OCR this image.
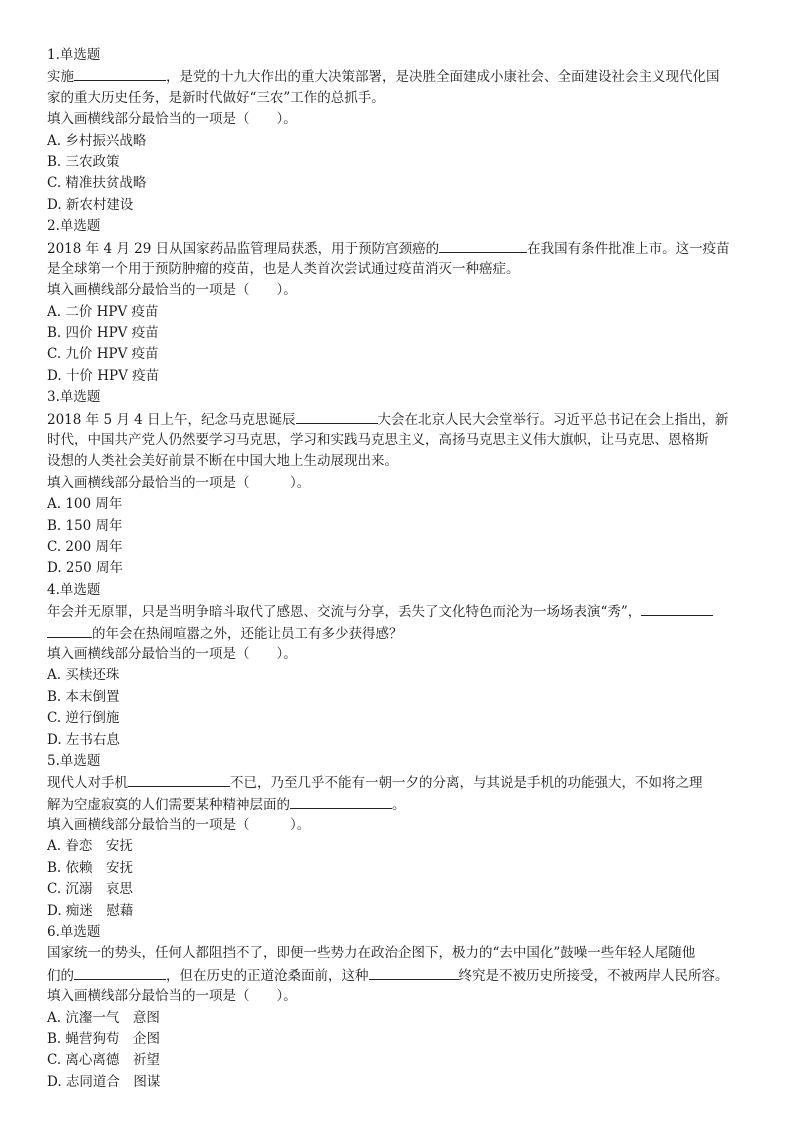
1.单选题
实施	，是党的十九大作出的重大决策部署，是决胜全面建成小康社会、全面建设社会主义现代化国
家的重大历史任务，是新时代做好“三农”工作的总抓手。
填入画横线部分最恰当的一项是（　　）。
A. 乡村振兴战略
B. 三农政策
C. 精准扶贫战略
D. 新农村建设
2.单选题
2018 年 4 月 29 日从国家药品监管理局获悉，用于预防宫颈癌的	在我国有条件批准上市。这一疫苗
是全球第一个用于预防肿瘤的疫苗，也是人类首次尝试通过疫苗消灭一种癌症。
填入画横线部分最恰当的一项是（　　）。
A. 二价 HPV 疫苗
B. 四价 HPV 疫苗
C. 九价 HPV 疫苗
D. 十价 HPV 疫苗
3.单选题
2018 年 5 月 4 日上午，纪念马克思诞辰	大会在北京人民大会堂举行。习近平总书记在会上指出，新
时代，中国共产党人仍然要学习马克思，学习和实践马克思主义，高扬马克思主义伟大旗帜，让马克思、恩格斯
设想的人类社会美好前景不断在中国大地上生动展现出来。
填入画横线部分最恰当的一项是（　　　）。
A. 100 周年
B. 150 周年
C. 200 周年
D. 250 周年
4.单选题
年会并无原罪，只是当明争暗斗取代了感恩、交流与分享，丢失了文化特色而沦为一场场表演“秀”，
的年会在热闹喧嚣之外，还能让员工有多少获得感？
填入画横线部分最恰当的一项是（　　）。
A. 买椟还珠
B. 本末倒置
C. 逆行倒施
D. 左书右息
5.单选题
现代人对手机	不已，乃至几乎不能有一朝一夕的分离，与其说是手机的功能强大，不如将之理
解为空虚寂寞的人们需要某种精神层面的	。
填入画横线部分最恰当的一项是（　　　）。
A. 眷恋　安抚
B. 依赖　安抚
C. 沉溺　哀思
D. 痴迷　慰藉
6.单选题
国家统一的势头，任何人都阻挡不了，即便一些势力在政治企图下，极力的“去中国化”鼓噪一些年轻人尾随他
们的	，但在历史的正道沧桑面前，这种	终究是不被历史所接受，不被两岸人民所容。
填入画横线部分最恰当的一项是（　　）。
A. 沆瀣一气　意图
B. 蝇营狗苟　企图
C. 离心离德　祈望
D. 志同道合　图谋
